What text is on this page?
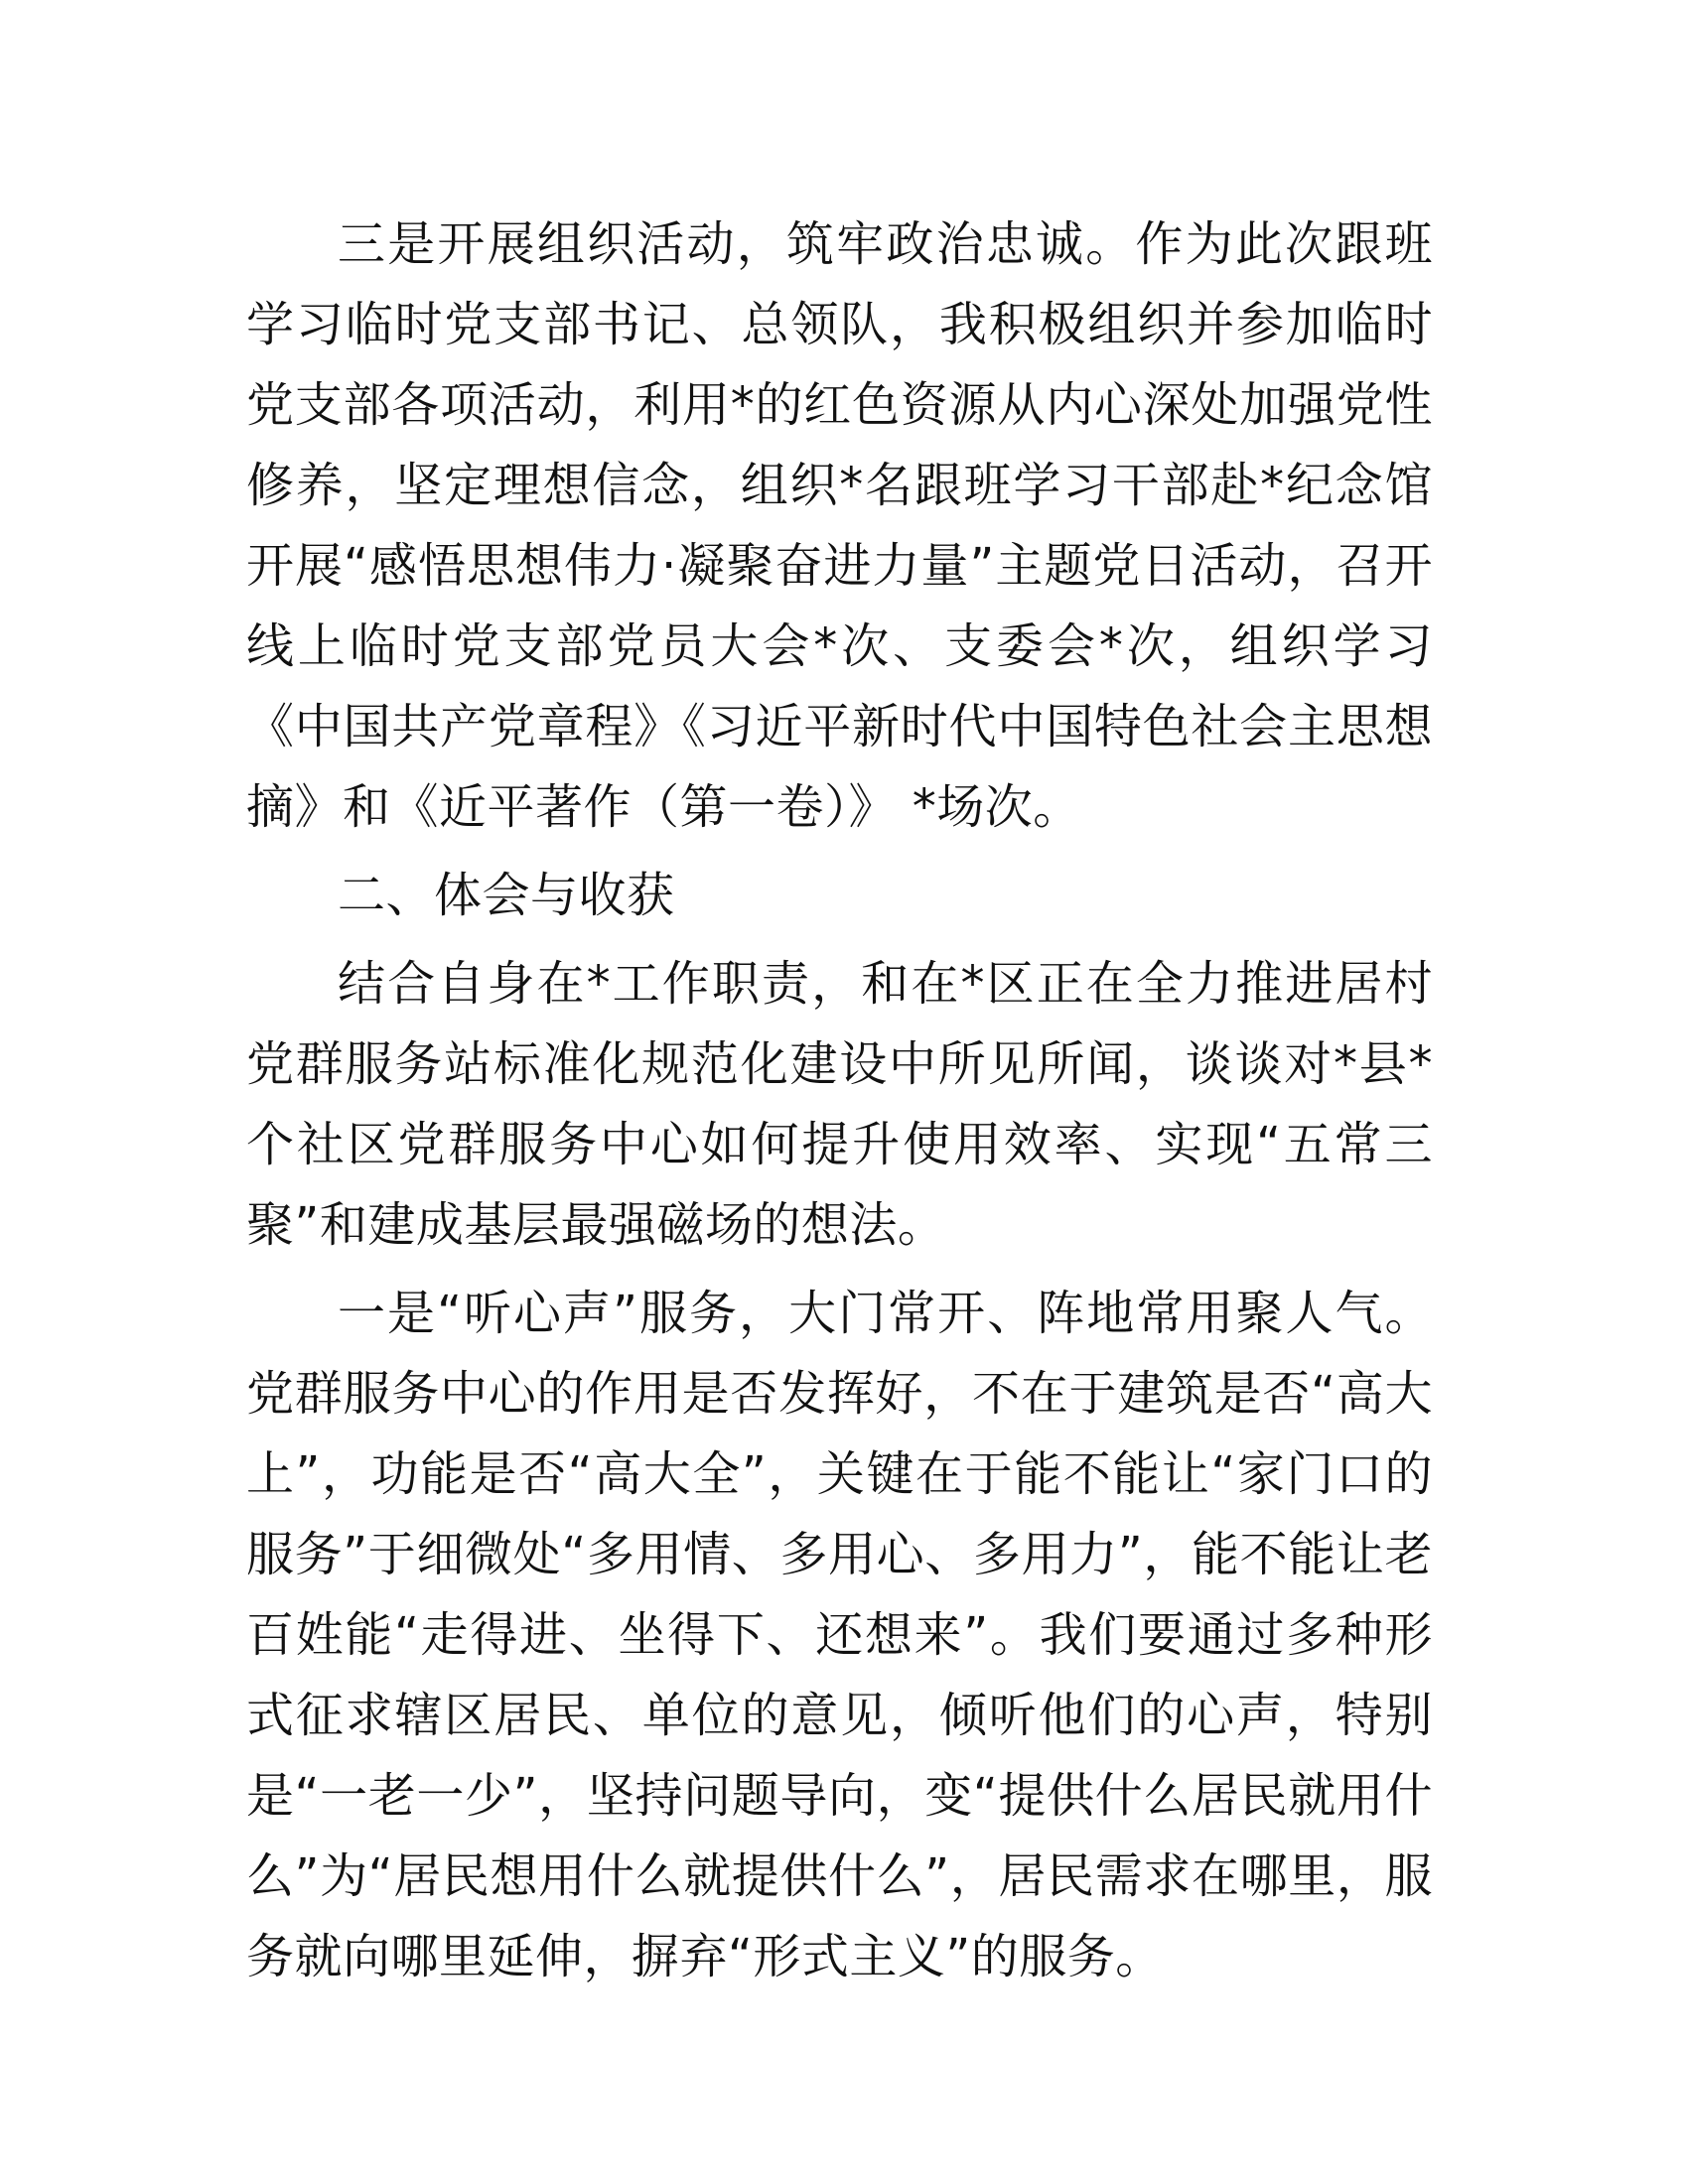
三是开展组织活动，筑牢政治忠诚。作为此次跟班学习临时党支部书记、总领队，我积极组织并参加临时党支部各项活动，利用*的红色资源从内心深处加强党性修养，坚定理想信念，组织*名跟班学习干部赴*纪念馆开展“感悟思想伟力·凝聚奋进力量”主题党日活动，召开线上临时党支部党员大会*次、支委会*次，组织学习《中国共产党章程》《习近平新时代中国特色社会主思想摘》和《近平著作（第一卷）》 *场次。

二、体会与收获

结合自身在*工作职责，和在*区正在全力推进居村党群服务站标准化规范化建设中所见所闻，谈谈对*县*个社区党群服务中心如何提升使用效率、实现“五常三聚”和建成基层最强磁场的想法。

一是“听心声”服务，大门常开、阵地常用聚人气。党群服务中心的作用是否发挥好，不在于建筑是否“高大上”，功能是否“高大全”，关键在于能不能让“家门口的服务”于细微处“多用情、多用心、多用力”，能不能让老百姓能“走得进、坐得下、还想来”。我们要通过多种形式征求辖区居民、单位的意见，倾听他们的心声，特别是“一老一少”，坚持问题导向，变“提供什么居民就用什么”为“居民想用什么就提供什么”，居民需求在哪里，服务就向哪里延伸，摒弃“形式主义”的服务。
